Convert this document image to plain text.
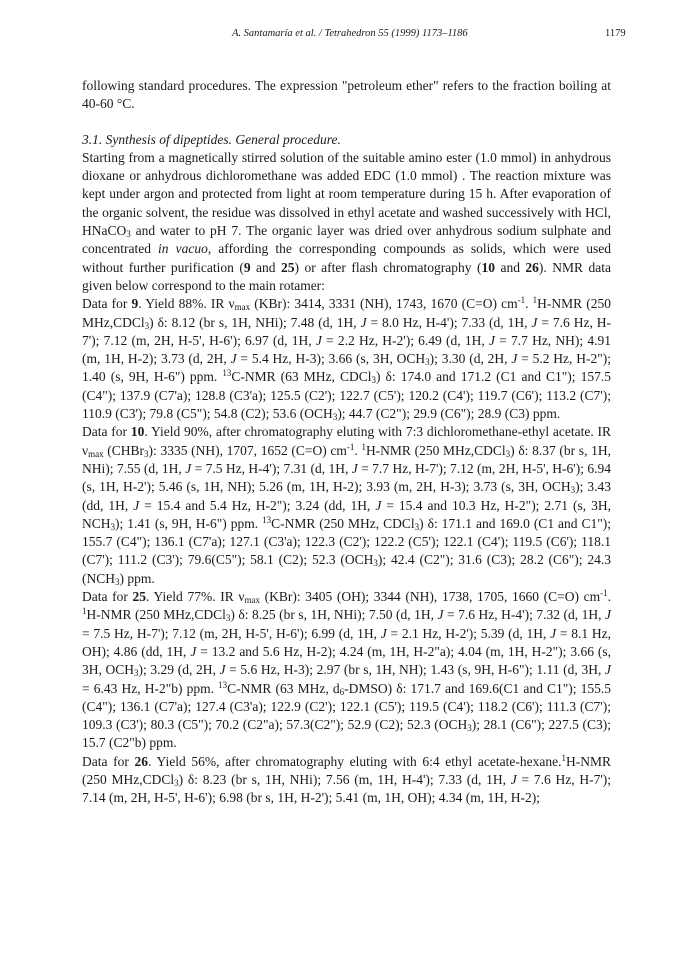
A. Santamaría et al. / Tetrahedron 55 (1999) 1173–1186	1179

following standard procedures. The expression "petroleum ether" refers to the fraction boiling at 40-60 °C.

3.1. Synthesis of dipeptides. General procedure.

Starting from a magnetically stirred solution of the suitable amino ester (1.0 mmol) in anhydrous dioxane or anhydrous dichloromethane was added EDC (1.0 mmol) . The reaction mixture was kept under argon and protected from light at room temperature during 15 h. After evaporation of the organic solvent, the residue was dissolved in ethyl acetate and washed successively with HCl, HNaCO$_3$ and water to pH 7. The organic layer was dried over anhydrous sodium sulphate and concentrated in vacuo, affording the corresponding compounds as solids, which were used without further purification (9 and 25) or after flash chromatography (10 and 26). NMR data given below correspond to the main rotamer:

Data for 9. Yield 88%. IR $\nu_{max}$ (KBr): 3414, 3331 (NH), 1743, 1670 (C=O) $cm^{-1}$. $^1$H-NMR (250 MHz,CDCl$_3$) δ: 8.12 (br s, 1H, NHi); 7.48 (d, 1H, J = 8.0 Hz, H-4'); 7.33 (d, 1H, J = 7.6 Hz, H-7'); 7.12 (m, 2H, H-5', H-6'); 6.97 (d, 1H, J = 2.2 Hz, H-2'); 6.49 (d, 1H, J = 7.7 Hz, NH); 4.91 (m, 1H, H-2); 3.73 (d, 2H, J = 5.4 Hz, H-3); 3.66 (s, 3H, $OCH_3$); 3.30 (d, 2H, J = 5.2 Hz, H-2"); 1.40 (s, 9H, H-6") ppm. $^{13}$C-NMR (63 MHz, CDCl$_3$) δ: 174.0 and 171.2 (C1 and C1"); 157.5 (C4"); 137.9 (C7'a); 128.8 (C3'a); 125.5 (C2'); 122.7 (C5'); 120.2 (C4'); 119.7 (C6'); 113.2 (C7'); 110.9 (C3'); 79.8 (C5"); 54.8 (C2); 53.6 $(OCH_3)$; 44.7 (C2"); 29.9 (C6"); 28.9 (C3) ppm.

Data for 10. Yield 90%, after chromatography eluting with 7:3 dichloromethane-ethyl acetate. IR $\nu_{max}$ (CHBr$_3$): 3335 (NH), 1707, 1652 (C=O) $cm^{-1}$. $^1$H-NMR (250 MHz,CDCl$_3$) δ: 8.37 (br s, 1H, NHi); 7.55 (d, 1H, J = 7.5 Hz, H-4'); 7.31 (d, 1H, J = 7.7 Hz, H-7'); 7.12 (m, 2H, H-5', H-6'); 6.94 (s, 1H, H-2'); 5.46 (s, 1H, NH); 5.26 (m, 1H, H-2); 3.93 (m, 2H, H-3); 3.73 (s, 3H, $OCH_3$); 3.43 (dd, 1H, J = 15.4 and 5.4 Hz, H-2"); 3.24 (dd, 1H, J = 15.4 and 10.3 Hz, H-2"); 2.71 (s, 3H, $NCH_3$); 1.41 (s, 9H, H-6") ppm. $^{13}$C-NMR (250 MHz, CDCl$_3$) δ: 171.1 and 169.0 (C1 and C1"); 155.7 (C4"); 136.1 (C7'a); 127.1 (C3'a); 122.3 (C2'); 122.2 (C5'); 122.1 (C4'); 119.5 (C6'); 118.1 (C7'); 111.2 (C3'); 79.6(C5"); 58.1 (C2); 52.3 $(OCH_3)$; 42.4 (C2"); 31.6 (C3); 28.2 (C6"); 24.3 $(NCH_3)$ ppm.

Data for 25. Yield 77%. IR $\nu_{max}$ (KBr): 3405 (OH); 3344 (NH), 1738, 1705, 1660 (C=O) $cm^{-1}$. $^1$H-NMR (250 MHz,CDCl$_3$) δ: 8.25 (br s, 1H, NHi); 7.50 (d, 1H, J = 7.6 Hz, H-4'); 7.32 (d, 1H, J = 7.5 Hz, H-7'); 7.12 (m, 2H, H-5', H-6'); 6.99 (d, 1H, J = 2.1 Hz, H-2'); 5.39 (d, 1H, J = 8.1 Hz, OH); 4.86 (dd, 1H, J = 13.2 and 5.6 Hz, H-2); 4.24 (m, 1H, H-2"a); 4.04 (m, 1H, H-2"); 3.66 (s, 3H, $OCH_3$); 3.29 (d, 2H, J = 5.6 Hz, H-3); 2.97 (br s, 1H, NH); 1.43 (s, 9H, H-6"); 1.11 (d, 3H, J = 6.43 Hz, H-2"b) ppm. $^{13}$C-NMR (63 MHz, $d_6-DMSO$) δ: 171.7 and 169.6(C1 and C1"); 155.5 (C4"); 136.1 (C7'a); 127.4 (C3'a); 122.9 (C2'); 122.1 (C5'); 119.5 (C4'); 118.2 (C6'); 111.3 (C7'); 109.3 (C3'); 80.3 (C5"); 70.2 (C2"a); 57.3(C2"); 52.9 (C2); 52.3 $(OCH_3)$; 28.1 (C6"); 227.5 (C3); 15.7 (C2"b) ppm.

Data for 26. Yield 56%, after chromatography eluting with 6:4 ethyl acetate-hexane.$^1$H-NMR (250 MHz,CDCl$_3$) δ: 8.23 (br s, 1H, NHi); 7.56 (m, 1H, H-4'); 7.33 (d, 1H, J = 7.6 Hz, H-7'); 7.14 (m, 2H, H-5', H-6'); 6.98 (br s, 1H, H-2'); 5.41 (m, 1H, OH); 4.34 (m, 1H, H-2);
